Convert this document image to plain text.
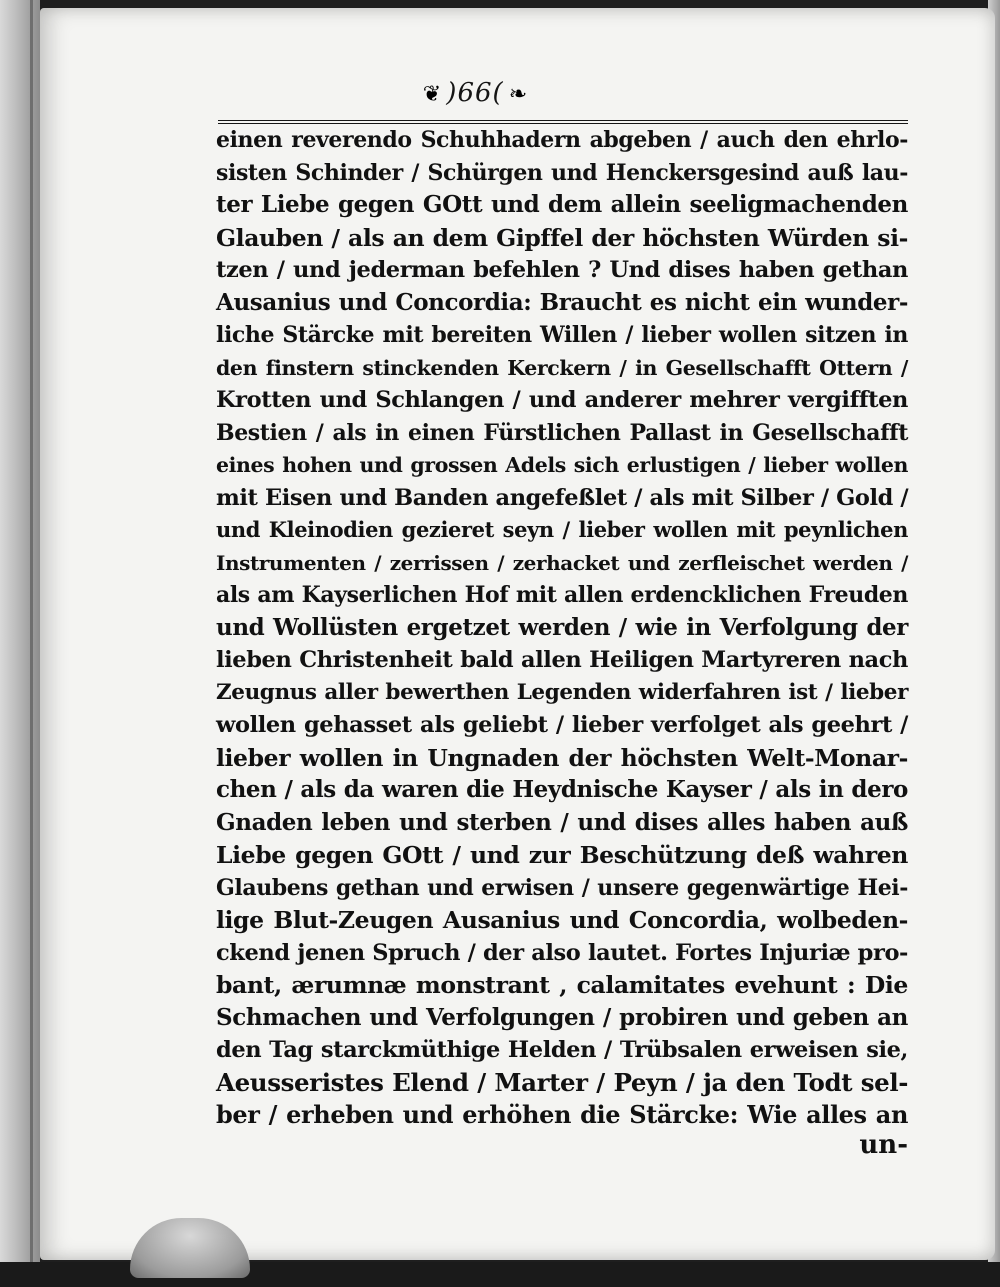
❦ )66( ❧
einen reverendo Schuhhadern abgeben / auch den ehrlo-
sisten Schinder / Schürgen und Henckersgesind auß lau-
ter Liebe gegen GOtt und dem allein seeligmachenden
Glauben / als an dem Gipffel der höchsten Würden si-
tzen / und jederman befehlen ? Und dises haben gethan
Ausanius und Concordia: Braucht es nicht ein wunder-
liche Stärcke mit bereiten Willen / lieber wollen sitzen in
den finstern stinckenden Kerckern / in Gesellschafft Ottern /
Krotten und Schlangen / und anderer mehrer vergifften
Bestien / als in einen Fürstlichen Pallast in Gesellschafft
eines hohen und grossen Adels sich erlustigen / lieber wollen
mit Eisen und Banden angefeßlet / als mit Silber / Gold /
und Kleinodien gezieret seyn / lieber wollen mit peynlichen
Instrumenten / zerrissen / zerhacket und zerfleischet werden /
als am Kayserlichen Hof mit allen erdencklichen Freuden
und Wollüsten ergetzet werden / wie in Verfolgung der
lieben Christenheit bald allen Heiligen Martyreren nach
Zeugnus aller bewerthen Legenden widerfahren ist / lieber
wollen gehasset als geliebt / lieber verfolget als geehrt /
lieber wollen in Ungnaden der höchsten Welt-Monar-
chen / als da waren die Heydnische Kayser / als in dero
Gnaden leben und sterben / und dises alles haben auß
Liebe gegen GOtt / und zur Beschützung deß wahren
Glaubens gethan und erwisen / unsere gegenwärtige Hei-
lige Blut-Zeugen Ausanius und Concordia, wolbeden-
ckend jenen Spruch / der also lautet. Fortes Injuriæ pro-
bant, ærumnæ monstrant , calamitates evehunt : Die
Schmachen und Verfolgungen / probiren und geben an
den Tag starckmüthige Helden / Trübsalen erweisen sie,
Aeusseristes Elend / Marter / Peyn / ja den Todt sel-
ber / erheben und erhöhen die Stärcke: Wie alles an
un-
